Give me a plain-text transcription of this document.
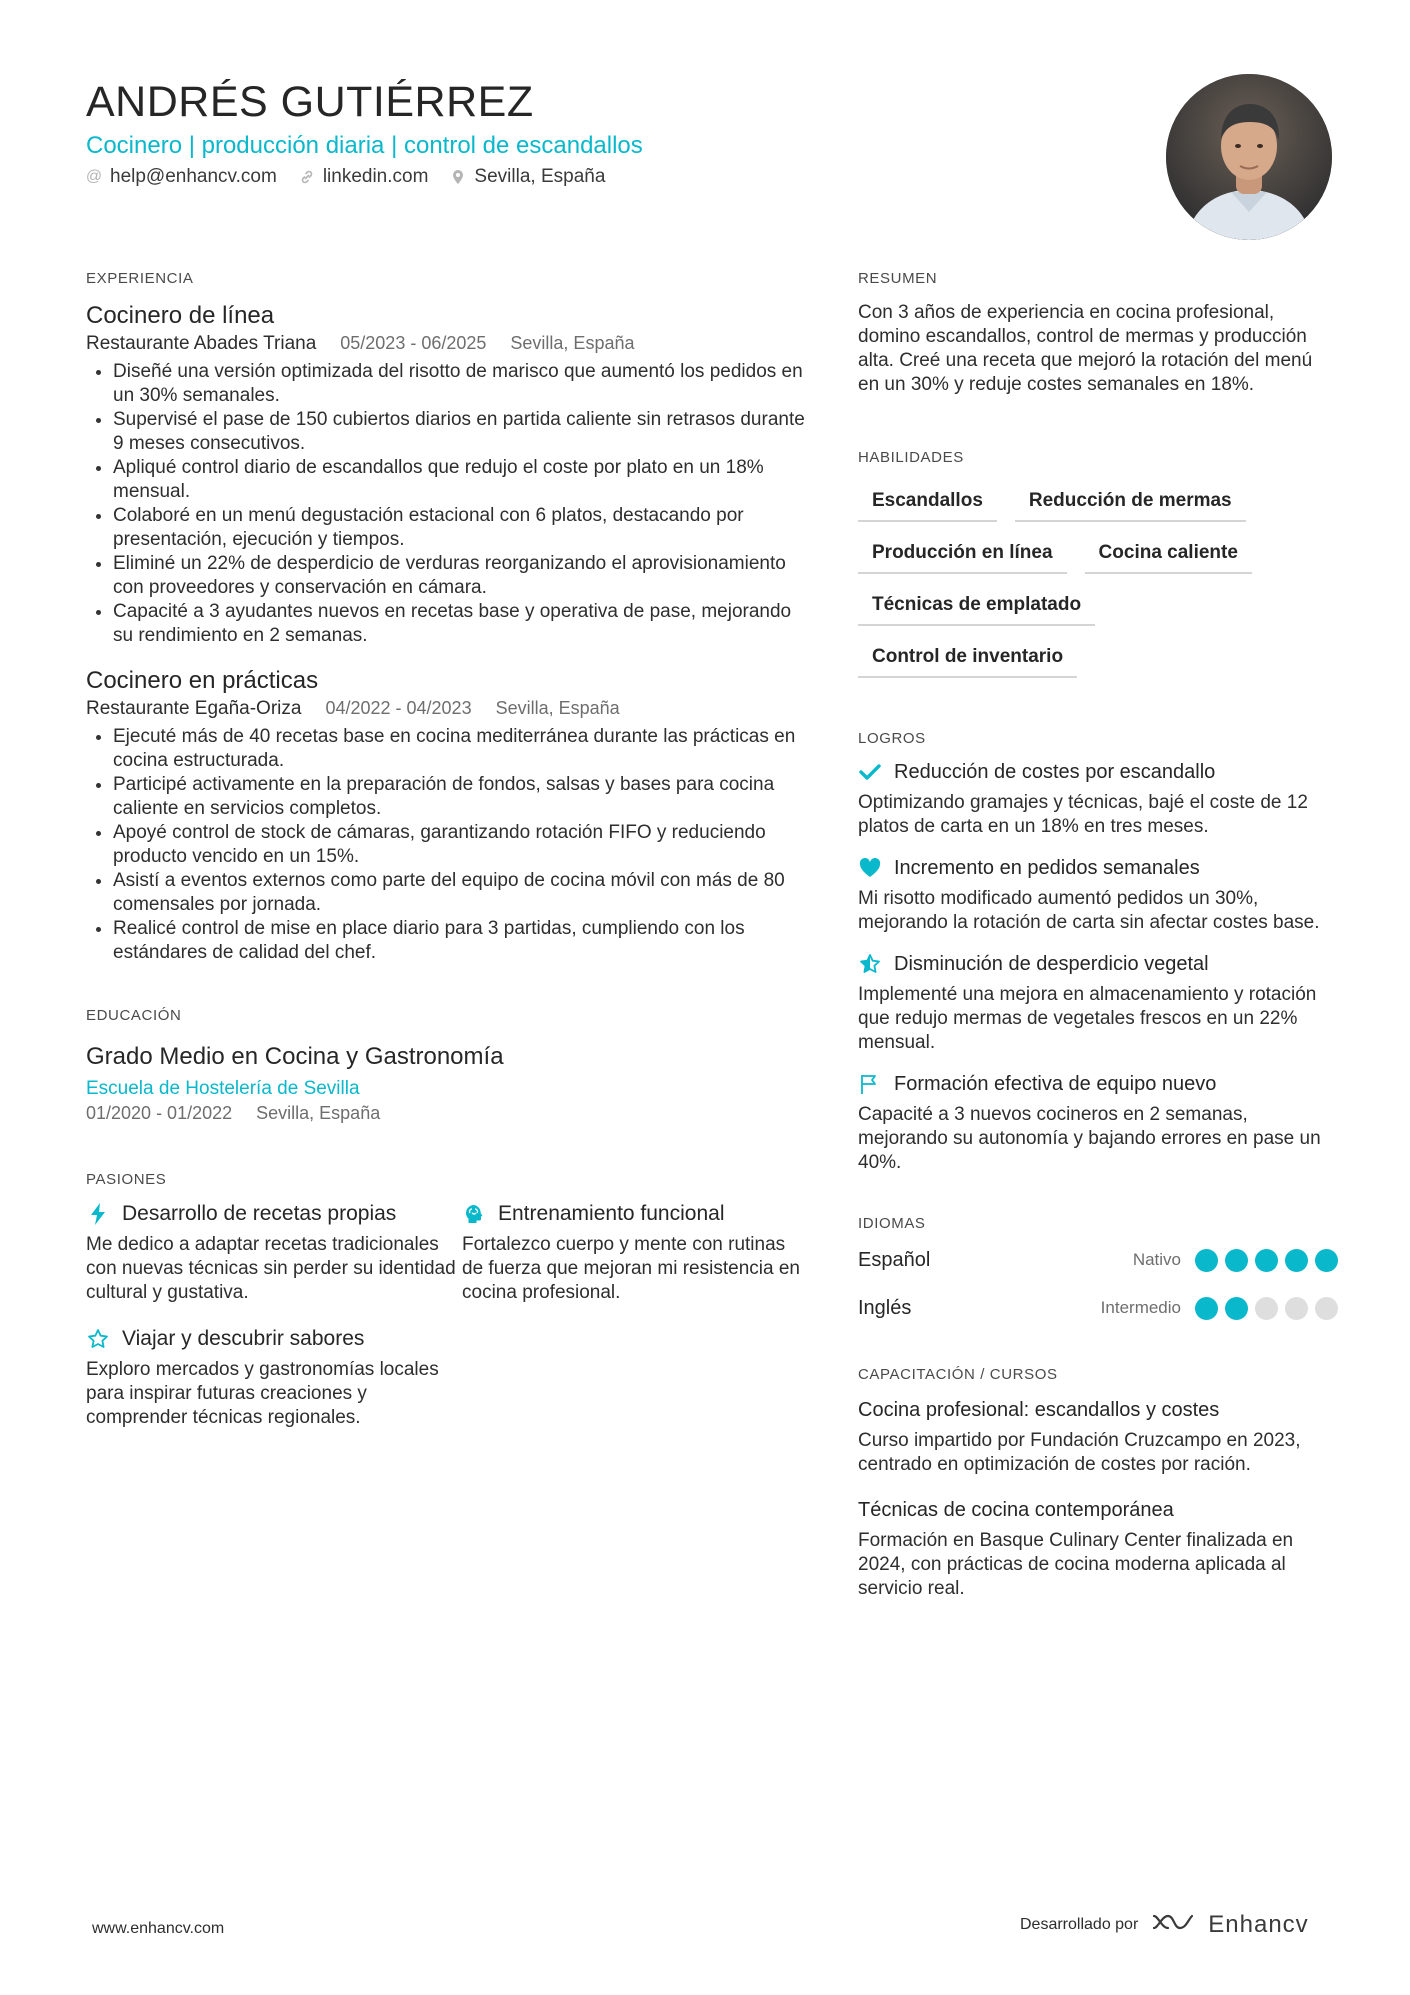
ANDRÉS GUTIÉRREZ
Cocinero | producción diaria | control de escandallos
@ help@enhancv.com linkedin.com Sevilla, España
EXPERIENCIA
Cocinero de línea
Restaurante Abades Triana 05/2023 - 06/2025 Sevilla, España
Diseñé una versión optimizada del risotto de marisco que aumentó los pedidos en un 30% semanales.
Supervisé el pase de 150 cubiertos diarios en partida caliente sin retrasos durante 9 meses consecutivos.
Apliqué control diario de escandallos que redujo el coste por plato en un 18% mensual.
Colaboré en un menú degustación estacional con 6 platos, destacando por presentación, ejecución y tiempos.
Eliminé un 22% de desperdicio de verduras reorganizando el aprovisionamiento con proveedores y conservación en cámara.
Capacité a 3 ayudantes nuevos en recetas base y operativa de pase, mejorando su rendimiento en 2 semanas.
Cocinero en prácticas
Restaurante Egaña-Oriza 04/2022 - 04/2023 Sevilla, España
Ejecuté más de 40 recetas base en cocina mediterránea durante las prácticas en cocina estructurada.
Participé activamente en la preparación de fondos, salsas y bases para cocina caliente en servicios completos.
Apoyé control de stock de cámaras, garantizando rotación FIFO y reduciendo producto vencido en un 15%.
Asistí a eventos externos como parte del equipo de cocina móvil con más de 80 comensales por jornada.
Realicé control de mise en place diario para 3 partidas, cumpliendo con los estándares de calidad del chef.
EDUCACIÓN
Grado Medio en Cocina y Gastronomía
Escuela de Hostelería de Sevilla
01/2020 - 01/2022 Sevilla, España
PASIONES
Desarrollo de recetas propias
Me dedico a adaptar recetas tradicionales con nuevas técnicas sin perder su identidad cultural y gustativa.
Entrenamiento funcional
Fortalezco cuerpo y mente con rutinas de fuerza que mejoran mi resistencia en cocina profesional.
Viajar y descubrir sabores
Exploro mercados y gastronomías locales para inspirar futuras creaciones y comprender técnicas regionales.
RESUMEN
Con 3 años de experiencia en cocina profesional, domino escandallos, control de mermas y producción alta. Creé una receta que mejoró la rotación del menú en un 30% y reduje costes semanales en 18%.
HABILIDADES
Escandallos	Reducción de mermas
Producción en línea	Cocina caliente
Técnicas de emplatado
Control de inventario
LOGROS
Reducción de costes por escandallo
Optimizando gramajes y técnicas, bajé el coste de 12 platos de carta en un 18% en tres meses.
Incremento en pedidos semanales
Mi risotto modificado aumentó pedidos un 30%, mejorando la rotación de carta sin afectar costes base.
Disminución de desperdicio vegetal
Implementé una mejora en almacenamiento y rotación que redujo mermas de vegetales frescos en un 22% mensual.
Formación efectiva de equipo nuevo
Capacité a 3 nuevos cocineros en 2 semanas, mejorando su autonomía y bajando errores en pase un 40%.
IDIOMAS
Español	Nativo
Inglés	Intermedio
CAPACITACIÓN / CURSOS
Cocina profesional: escandallos y costes
Curso impartido por Fundación Cruzcampo en 2023, centrado en optimización de costes por ración.
Técnicas de cocina contemporánea
Formación en Basque Culinary Center finalizada en 2024, con prácticas de cocina moderna aplicada al servicio real.
www.enhancv.com	Desarrollado por	Enhancv
